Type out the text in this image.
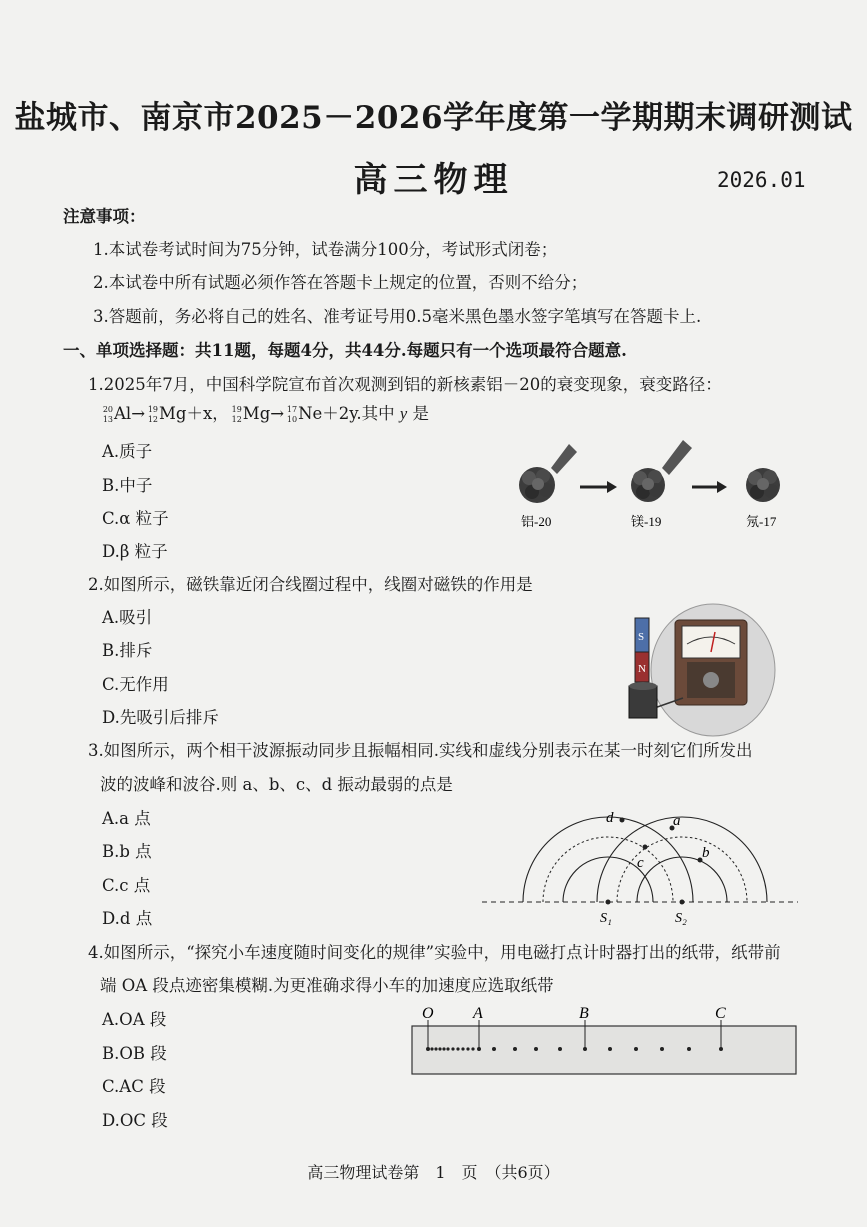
盐城市、南京市2025－2026学年度第一学期期末调研测试
高三物理	2026.01
注意事项：
1.本试卷考试时间为75分钟，试卷满分100分，考试形式闭卷；
2.本试卷中所有试题必须作答在答题卡上规定的位置，否则不给分；
3.答题前，务必将自己的姓名、准考证号用0.5毫米黑色墨水签字笔填写在答题卡上.
一、单项选择题：共11题，每题4分，共44分.每题只有一个选项最符合题意.
1.2025年7月，中国科学院宣布首次观测到铝的新核素铝－20的衰变现象，衰变路径：
20
13 Al→ 19
12 Mg＋x， 19
12 Mg→ 17
10 Ne＋2y.其中 y 是
A.质子
B.中子
C.α 粒子
D.β 粒子
铝-20	镁-19	氖-17
2.如图所示，磁铁靠近闭合线圈过程中，线圈对磁铁的作用是
A.吸引
B.排斥
C.无作用
D.先吸引后排斥
S
N
3.如图所示，两个相干波源振动同步且振幅相同.实线和虚线分别表示在某一时刻它们所发出
波的波峰和波谷.则 a、b、c、d 振动最弱的点是
A.a 点
B.b 点
C.c 点
D.d 点
d	a
c
b
S₁	S₂
4.如图所示，“探究小车速度随时间变化的规律”实验中，用电磁打点计时器打出的纸带，纸带前
端 OA 段点迹密集模糊.为更准确求得小车的加速度应选取纸带
A.OA 段
B.OB 段
C.AC 段
D.OC 段
O A	B	C
高三物理试卷第　1　页　（共6页）
